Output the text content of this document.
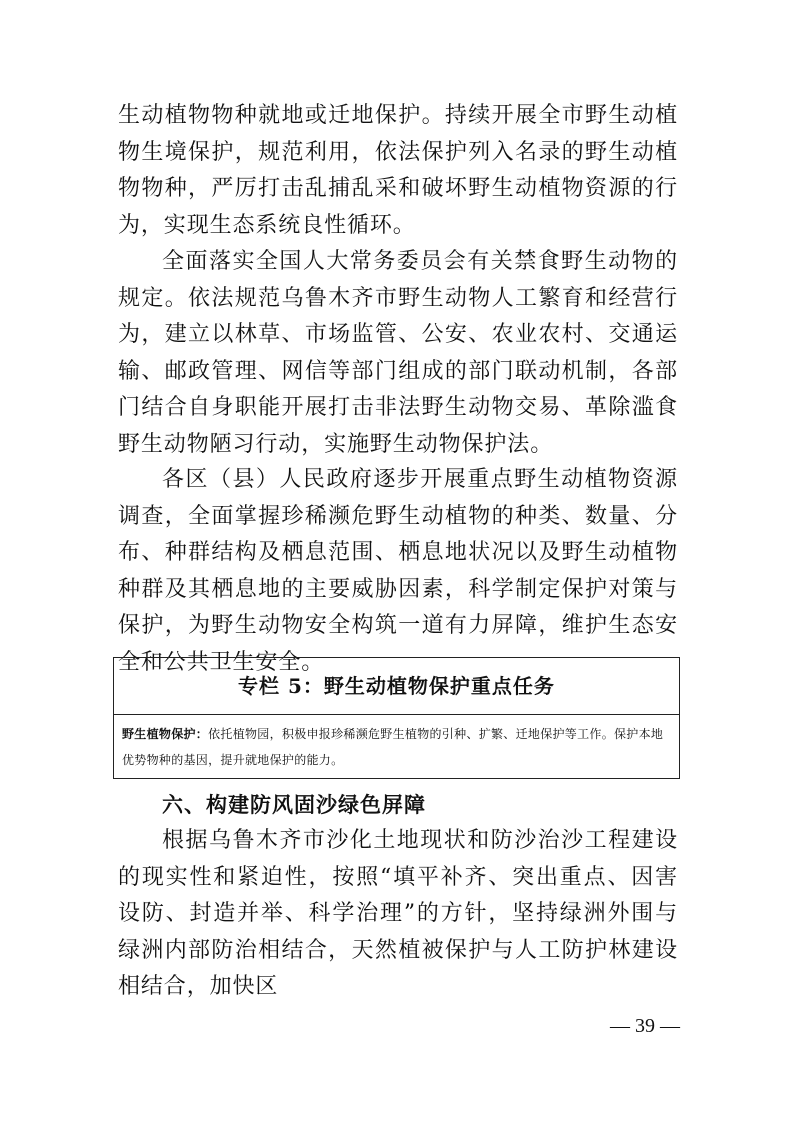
生动植物物种就地或迁地保护。持续开展全市野生动植物生境保护，规范利用，依法保护列入名录的野生动植物物种，严厉打击乱捕乱采和破坏野生动植物资源的行为，实现生态系统良性循环。

全面落实全国人大常务委员会有关禁食野生动物的规定。依法规范乌鲁木齐市野生动物人工繁育和经营行为，建立以林草、市场监管、公安、农业农村、交通运输、邮政管理、网信等部门组成的部门联动机制，各部门结合自身职能开展打击非法野生动物交易、革除滥食野生动物陋习行动，实施野生动物保护法。

各区（县）人民政府逐步开展重点野生动植物资源调查，全面掌握珍稀濒危野生动植物的种类、数量、分布、种群结构及栖息范围、栖息地状况以及野生动植物种群及其栖息地的主要威胁因素，科学制定保护对策与保护，为野生动物安全构筑一道有力屏障，维护生态安全和公共卫生安全。

专栏 5：野生动植物保护重点任务

野生植物保护：依托植物园，积极申报珍稀濒危野生植物的引种、扩繁、迁地保护等工作。保护本地优势物种的基因，提升就地保护的能力。

六、构建防风固沙绿色屏障

根据乌鲁木齐市沙化土地现状和防沙治沙工程建设的现实性和紧迫性，按照“填平补齐、突出重点、因害设防、封造并举、科学治理”的方针，坚持绿洲外围与绿洲内部防治相结合，天然植被保护与人工防护林建设相结合，加快区

— 39 —
